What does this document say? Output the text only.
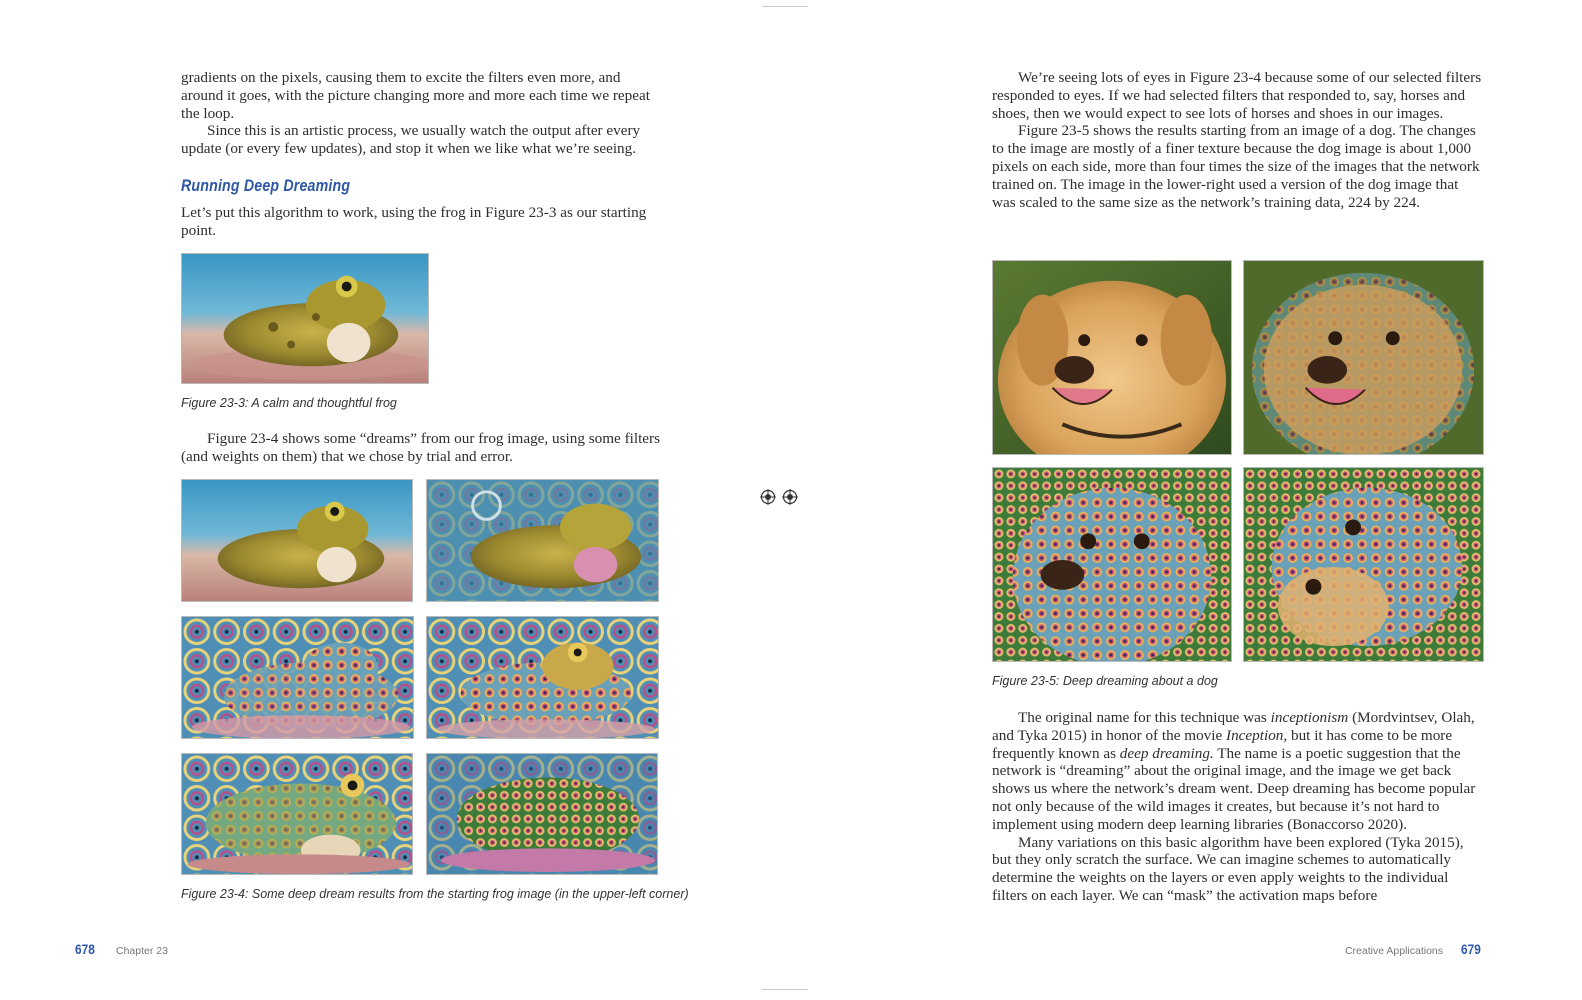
gradients on the pixels, causing them to excite the filters even more, and around it goes, with the picture changing more and more each time we repeat the loop.

Since this is an artistic process, we usually watch the output after every update (or every few updates), and stop it when we like what we’re seeing.

Running Deep Dreaming

Let’s put this algorithm to work, using the frog in Figure 23-3 as our starting point.

Figure 23-3: A calm and thoughtful frog

Figure 23-4 shows some “dreams” from our frog image, using some filters (and weights on them) that we chose by trial and error.

Figure 23-4: Some deep dream results from the starting frog image (in the upper-left corner)
678 Chapter 23

We’re seeing lots of eyes in Figure 23-4 because some of our selected filters responded to eyes. If we had selected filters that responded to, say, horses and shoes, then we would expect to see lots of horses and shoes in our images.

Figure 23-5 shows the results starting from an image of a dog. The changes to the image are mostly of a finer texture because the dog image is about 1,000 pixels on each side, more than four times the size of the images that the network trained on. The image in the lower-right used a version of the dog image that was scaled to the same size as the network’s training data, 224 by 224.

Figure 23-5: Deep dreaming about a dog

The original name for this technique was inceptionism (Mordvintsev, Olah, and Tyka 2015) in honor of the movie Inception, but it has come to be more frequently known as deep dreaming. The name is a poetic suggestion that the network is “dreaming” about the original image, and the image we get back shows us where the network’s dream went. Deep dreaming has become popular not only because of the wild images it creates, but because it’s not hard to implement using modern deep learning libraries (Bonaccorso 2020).

Many variations on this basic algorithm have been explored (Tyka 2015), but they only scratch the surface. We can imagine schemes to automatically determine the weights on the layers or even apply weights to the individual filters on each layer. We can “mask” the activation maps before

Creative Applications 679
